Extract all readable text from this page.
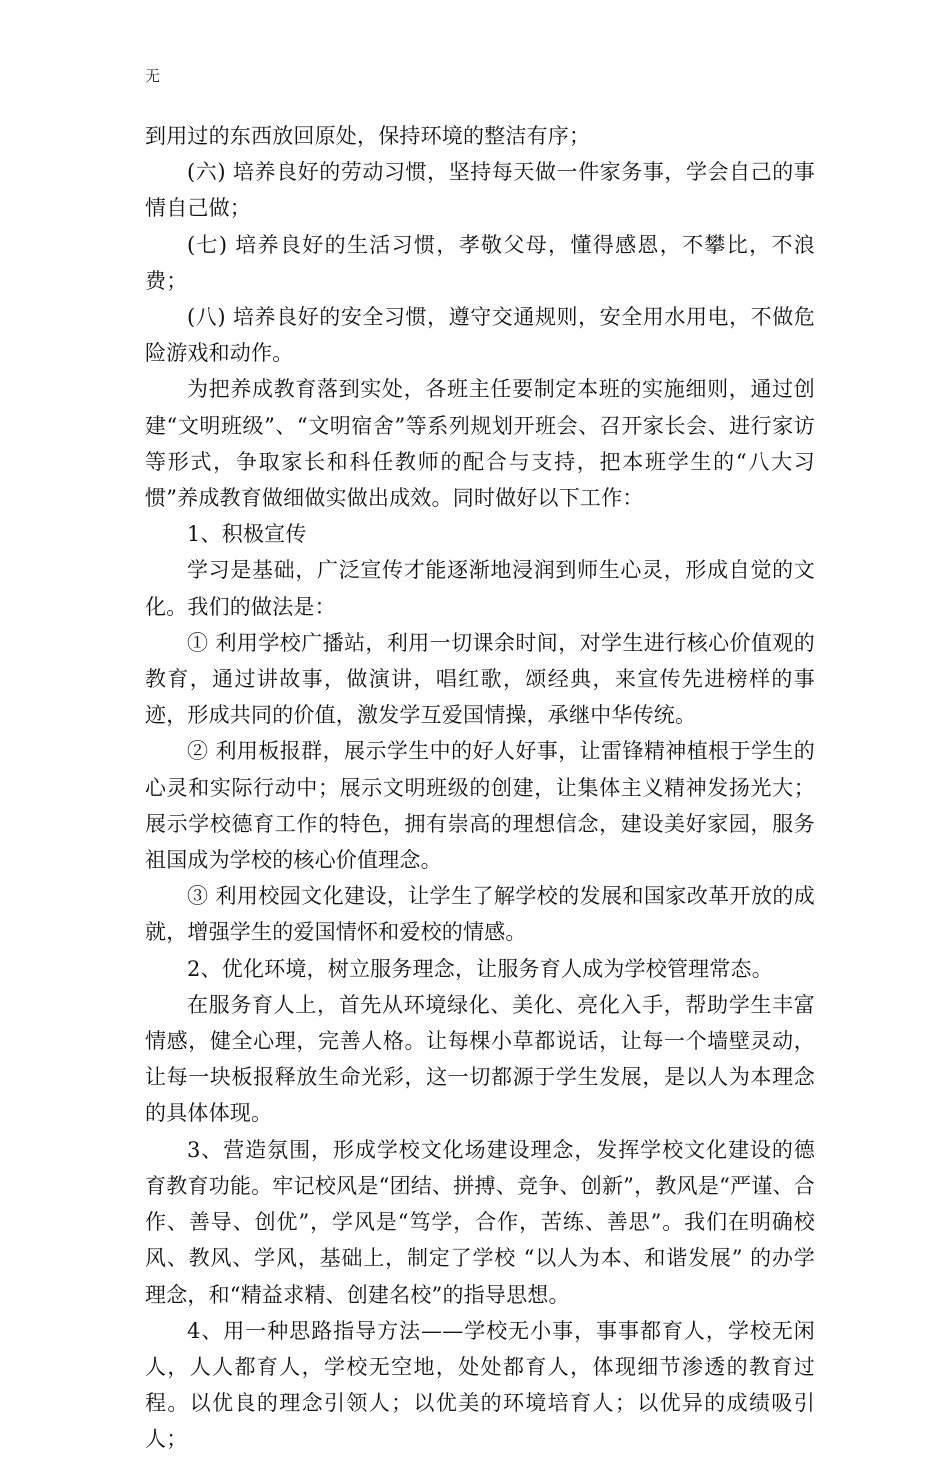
无

到用过的东西放回原处，保持环境的整洁有序；

(六) 培养良好的劳动习惯，坚持每天做一件家务事，学会自己的事情自己做；

(七) 培养良好的生活习惯，孝敬父母，懂得感恩，不攀比，不浪费；

(八) 培养良好的安全习惯，遵守交通规则，安全用水用电，不做危险游戏和动作。

为把养成教育落到实处，各班主任要制定本班的实施细则，通过创建“文明班级”、“文明宿舍”等系列规划开班会、召开家长会、进行家访等形式，争取家长和科任教师的配合与支持，把本班学生的“八大习惯”养成教育做细做实做出成效。同时做好以下工作：

1、积极宣传

学习是基础，广泛宣传才能逐渐地浸润到师生心灵，形成自觉的文化。我们的做法是：

① 利用学校广播站，利用一切课余时间，对学生进行核心价值观的教育，通过讲故事，做演讲，唱红歌，颂经典，来宣传先进榜样的事迹，形成共同的价值，激发学互爱国情操，承继中华传统。

② 利用板报群，展示学生中的好人好事，让雷锋精神植根于学生的心灵和实际行动中；展示文明班级的创建，让集体主义精神发扬光大；展示学校德育工作的特色，拥有崇高的理想信念，建设美好家园，服务祖国成为学校的核心价值理念。

③ 利用校园文化建设，让学生了解学校的发展和国家改革开放的成就，增强学生的爱国情怀和爱校的情感。

2、优化环境，树立服务理念，让服务育人成为学校管理常态。

在服务育人上，首先从环境绿化、美化、亮化入手，帮助学生丰富情感，健全心理，完善人格。让每棵小草都说话，让每一个墙壁灵动，让每一块板报释放生命光彩，这一切都源于学生发展，是以人为本理念的具体体现。

3、营造氛围，形成学校文化场建设理念，发挥学校文化建设的德育教育功能。牢记校风是“团结、拼搏、竞争、创新”，教风是“严谨、合作、善导、创优”，学风是“笃学，合作，苦练、善思”。我们在明确校风、教风、学风，基础上，制定了学校 “以人为本、和谐发展” 的办学理念，和“精益求精、创建名校”的指导思想。

4、用一种思路指导方法——学校无小事，事事都育人，学校无闲人，人人都育人，学校无空地，处处都育人，体现细节渗透的教育过程。以优良的理念引领人；以优美的环境培育人；以优异的成绩吸引人；
